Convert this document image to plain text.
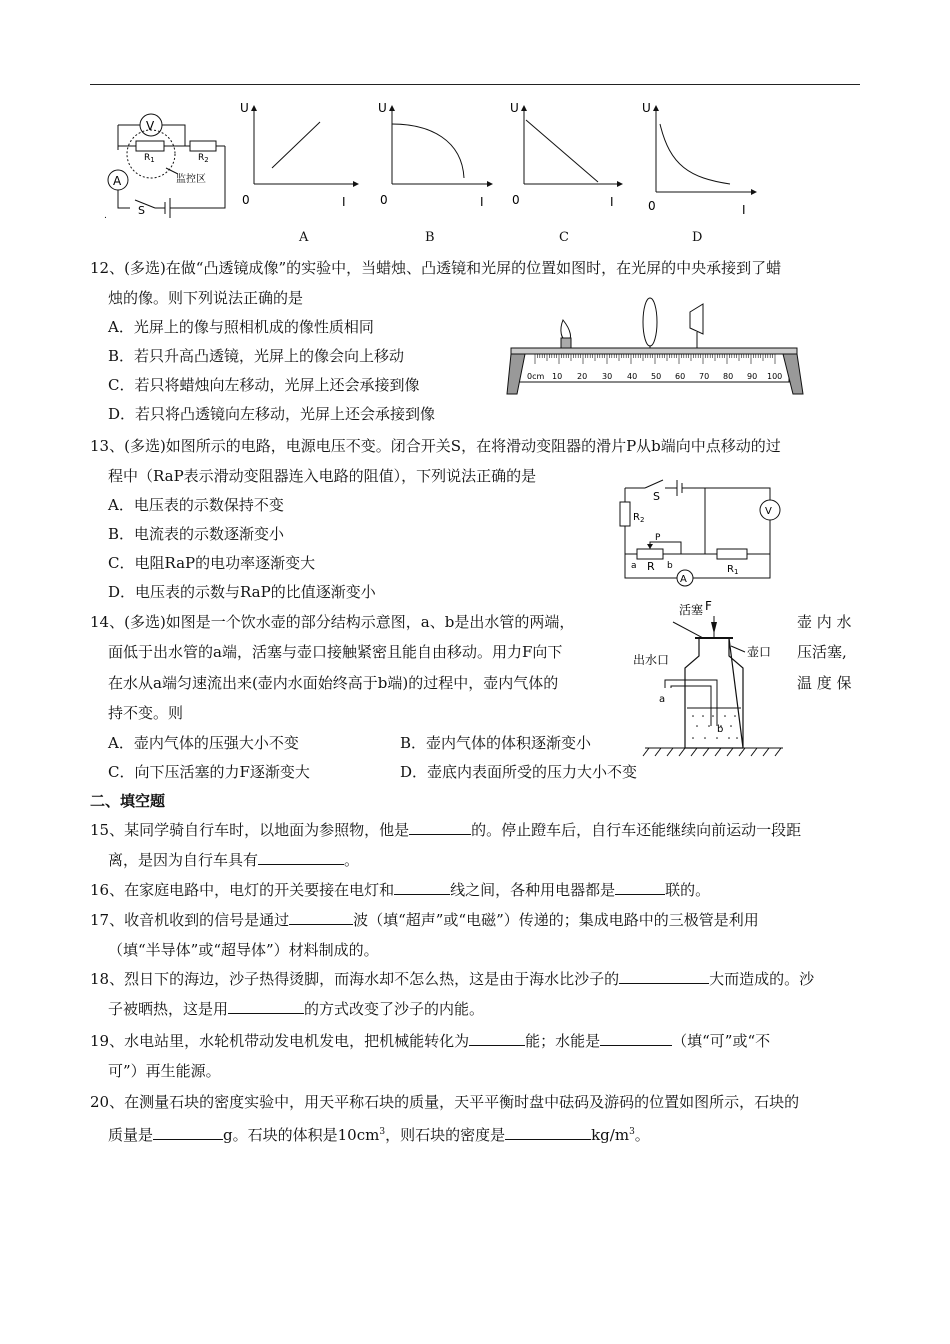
V
A
$R_1$	$R_2$
S
监控区
.
U
I
0
U
I
0
U
I
0
U
I
0
A	B	C	D
12、(多选)在做“凸透镜成像”的实验中，当蜡烛、凸透镜和光屏的位置如图时，在光屏的中央承接到了蜡
烛的像。则下列说法正确的是
A．光屏上的像与照相机成的像性质相同
B．若只升高凸透镜，光屏上的像会向上移动
C．若只将蜡烛向左移动，光屏上还会承接到像
D．若只将凸透镜向左移动，光屏上还会承接到像
0cm 10 20 30 40 50 60 70 80 90 100
13、(多选)如图所示的电路，电源电压不变。闭合开关S，在将滑动变阻器的滑片P从b端向中点移动的过
程中（RaP表示滑动变阻器连入电路的阻值），下列说法正确的是
A．电压表的示数保持不变
B．电流表的示数逐渐变小
C．电阻RaP的电功率逐渐变大
D．电压表的示数与RaP的比值逐渐变小
S
$R_2$
P
a R b	$R_1$
A
V
14、(多选)如图是一个饮水壶的部分结构示意图，a、b是出水管的两端，	壶 内 水
面低于出水管的a端，活塞与壶口接触紧密且能自由移动。用力F向下	压活塞,
在水从a端匀速流出来(壶内水面始终高于b端)的过程中，壶内气体的	温 度 保
持不变。则
A．壶内气体的压强大小不变	B．壶内气体的体积逐渐变小
C．向下压活塞的力F逐渐变大	D．壶底内表面所受的压力大小不变
活塞 F
壶口
出水口
a
b
二、填空题
15、某同学骑自行车时，以地面为参照物，他是	的。停止蹬车后，自行车还能继续向前运动一段距
离，是因为自行车具有	。
16、在家庭电路中，电灯的开关要接在电灯和	线之间，各种用电器都是	联的。
17、收音机收到的信号是通过	波（填“超声”或“电磁”）传递的；集成电路中的三极管是利用
（填“半导体”或“超导体”）材料制成的。
18、烈日下的海边，沙子热得烫脚，而海水却不怎么热，这是由于海水比沙子的	大而造成的。沙
子被晒热，这是用	的方式改变了沙子的内能。
19、水电站里，水轮机带动发电机发电，把机械能转化为	能；水能是	（填“可”或“不
可”）再生能源。
20、在测量石块的密度实验中，用天平称石块的质量，天平平衡时盘中砝码及游码的位置如图所示，石块的
质量是	g。石块的体积是$10cm^3$，则石块的密度是	$kg/m^3$。
